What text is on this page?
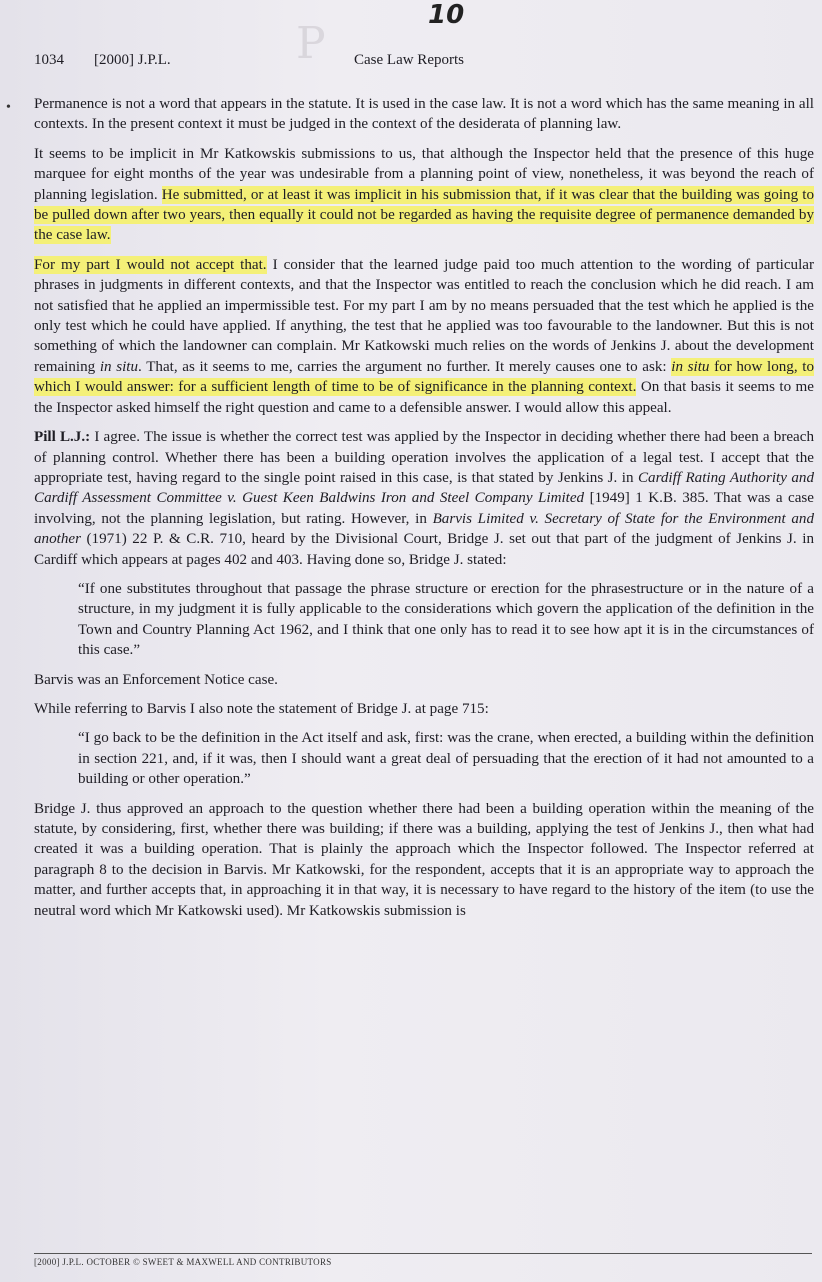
P
10
1034 [2000] J.P.L.	Case Law Reports
• Permanence is not a word that appears in the statute. It is used in the case law. It is not a word which has the same meaning in all contexts. In the present context it must be judged in the context of the desiderata of planning law.

It seems to be implicit in Mr Katkowskis submissions to us, that although the Inspector held that the presence of this huge marquee for eight months of the year was undesirable from a planning point of view, nonetheless, it was beyond the reach of planning legislation. He submitted, or at least it was implicit in his submission that, if it was clear that the building was going to be pulled down after two years, then equally it could not be regarded as having the requisite degree of permanence demanded by the case law.

For my part I would not accept that. I consider that the learned judge paid too much attention to the wording of particular phrases in judgments in different contexts, and that the Inspector was entitled to reach the conclusion which he did reach. I am not satisfied that he applied an impermissible test. For my part I am by no means persuaded that the test which he applied is the only test which he could have applied. If anything, the test that he applied was too favourable to the landowner. But this is not something of which the landowner can complain. Mr Katkowski much relies on the words of Jenkins J. about the development remaining in situ. That, as it seems to me, carries the argument no further. It merely causes one to ask: in situ for how long, to which I would answer: for a sufficient length of time to be of significance in the planning context. On that basis it seems to me the Inspector asked himself the right question and came to a defensible answer. I would allow this appeal.

Pill L.J.: I agree. The issue is whether the correct test was applied by the Inspector in deciding whether there had been a breach of planning control. Whether there has been a building operation involves the application of a legal test. I accept that the appropriate test, having regard to the single point raised in this case, is that stated by Jenkins J. in Cardiff Rating Authority and Cardiff Assessment Committee v. Guest Keen Baldwins Iron and Steel Company Limited [1949] 1 K.B. 385. That was a case involving, not the planning legislation, but rating. However, in Barvis Limited v. Secretary of State for the Environment and another (1971) 22 P. & C.R. 710, heard by the Divisional Court, Bridge J. set out that part of the judgment of Jenkins J. in Cardiff which appears at pages 402 and 403. Having done so, Bridge J. stated:

“If one substitutes throughout that passage the phrase structure or erection for the phrasestructure or in the nature of a structure, in my judgment it is fully applicable to the considerations which govern the application of the definition in the Town and Country Planning Act 1962, and I think that one only has to read it to see how apt it is in the circumstances of this case.”

Barvis was an Enforcement Notice case.

While referring to Barvis I also note the statement of Bridge J. at page 715:

“I go back to be the definition in the Act itself and ask, first: was the crane, when erected, a building within the definition in section 221, and, if it was, then I should want a great deal of persuading that the erection of it had not amounted to a building or other operation.”

Bridge J. thus approved an approach to the question whether there had been a building operation within the meaning of the statute, by considering, first, whether there was building; if there was a building, applying the test of Jenkins J., then what had created it was a building operation. That is plainly the approach which the Inspector followed. The Inspector referred at paragraph 8 to the decision in Barvis. Mr Katkowski, for the respondent, accepts that it is an appropriate way to approach the matter, and further accepts that, in approaching it in that way, it is necessary to have regard to the history of the item (to use the neutral word which Mr Katkowski used). Mr Katkowskis submission is

[2000] J.P.L. OCTOBER © SWEET & MAXWELL AND CONTRIBUTORS
